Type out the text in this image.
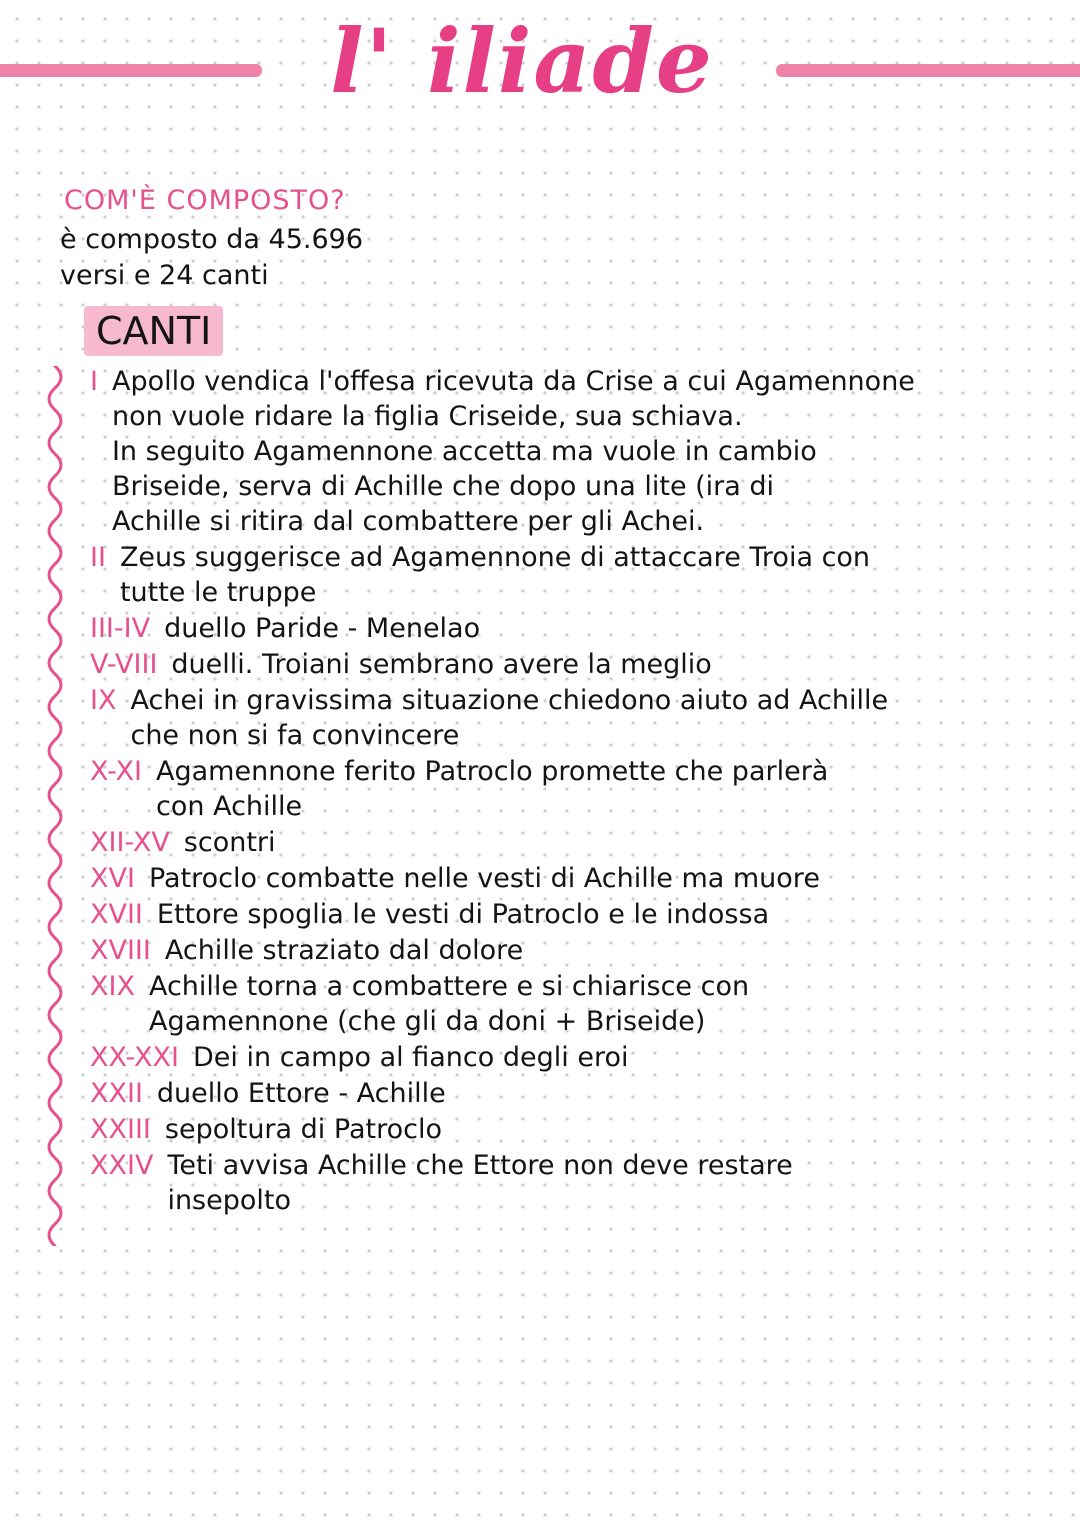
l' iliade
COM'È COMPOSTO?
è composto da 45.696
versi e 24 canti
CANTI
I Apollo vendica l'offesa ricevuta da Crise a cui Agamennone
non vuole ridare la figlia Criseide, sua schiava.
In seguito Agamennone accetta ma vuole in cambio
Briseide, serva di Achille che dopo una lite (ira di
Achille si ritira dal combattere per gli Achei.
II Zeus suggerisce ad Agamennone di attaccare Troia con
tutte le truppe
III-IV duello Paride - Menelao
V-VIII duelli. Troiani sembrano avere la meglio
IX Achei in gravissima situazione chiedono aiuto ad Achille
che non si fa convincere
X-XI Agamennone ferito Patroclo promette che parlerà
con Achille
XII-XV scontri
XVI Patroclo combatte nelle vesti di Achille ma muore
XVII Ettore spoglia le vesti di Patroclo e le indossa
XVIII Achille straziato dal dolore
XIX Achille torna a combattere e si chiarisce con
Agamennone (che gli da doni + Briseide)
XX-XXI Dei in campo al fianco degli eroi
XXII duello Ettore - Achille
XXIII sepoltura di Patroclo
XXIV Teti avvisa Achille che Ettore non deve restare
insepolto
